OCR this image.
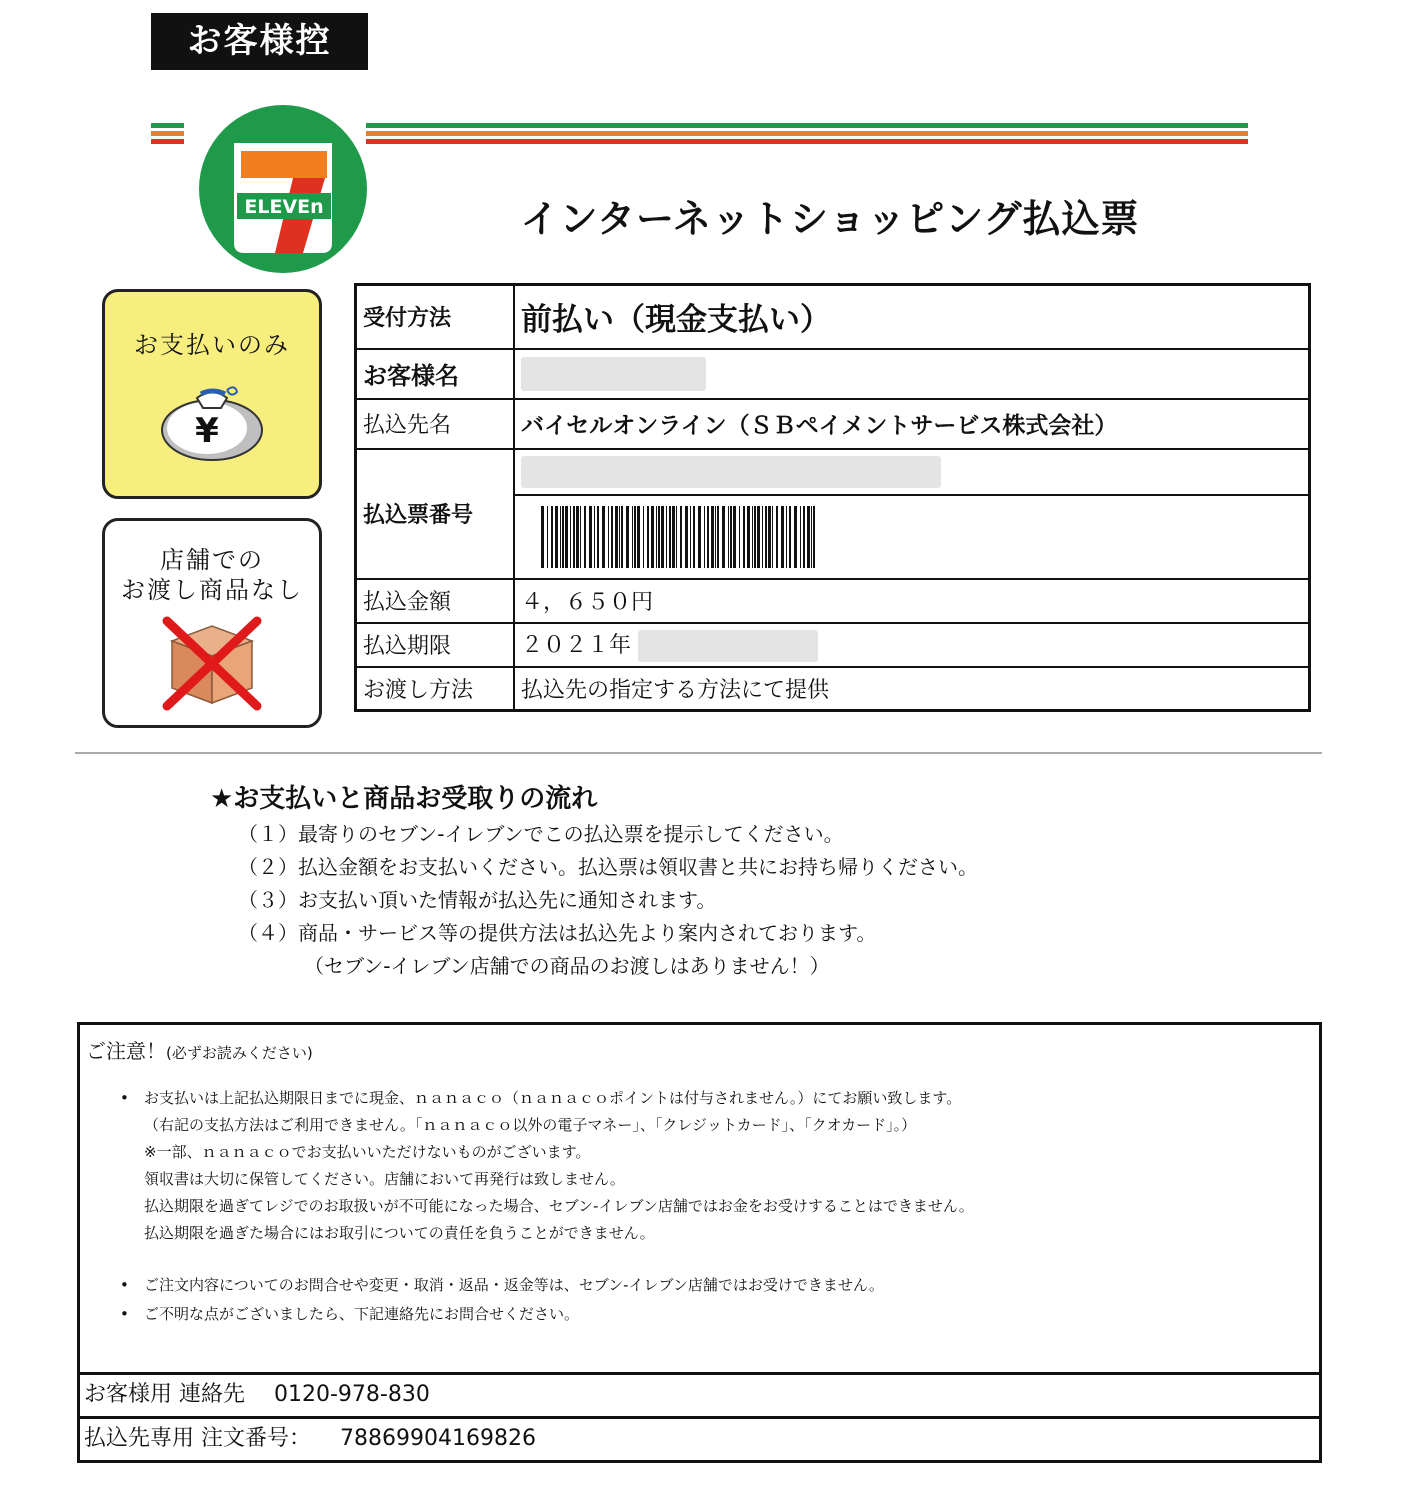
お客様控
ELEVEn	インターネットショッピング払込票
お支払いのみ
¥
店舗での
お渡し商品なし
受付方法	前払い（現金支払い）
お客様名	
払込先名	バイセルオンライン（ＳＢペイメントサービス株式会社）
払込票番号	

払込金額	４，６５０円
払込期限	２０２１年
お渡し方法	払込先の指定する方法にて提供
★お支払いと商品お受取りの流れ
（１）最寄りのセブン-イレブンでこの払込票を提示してください。
（２）払込金額をお支払いください。払込票は領収書と共にお持ち帰りください。
（３）お支払い頂いた情報が払込先に通知されます。
（４）商品・サービス等の提供方法は払込先より案内されております。
（セブン-イレブン店舗での商品のお渡しはありません！）
ご注意！(必ずお読みください)
• お支払いは上記払込期限日までに現金、ｎａｎａｃｏ（ｎａｎａｃｏポイントは付与されません。）にてお願い致します。
（右記の支払方法はご利用できません。「ｎａｎａｃｏ以外の電子マネー」、「クレジットカード」、「クオカード」。）
※一部、ｎａｎａｃｏでお支払いいただけないものがございます。
領収書は大切に保管してください。店舗において再発行は致しません。
払込期限を過ぎてレジでのお取扱いが不可能になった場合、セブン-イレブン店舗ではお金をお受けすることはできません。
払込期限を過ぎた場合にはお取引についての責任を負うことができません。
• ご注文内容についてのお問合せや変更・取消・返品・返金等は、セブン-イレブン店舗ではお受けできません。
• ご不明な点がございましたら、下記連絡先にお問合せください。
お客様用 連絡先 0120-978-830
払込先専用 注文番号： 78869904169826
